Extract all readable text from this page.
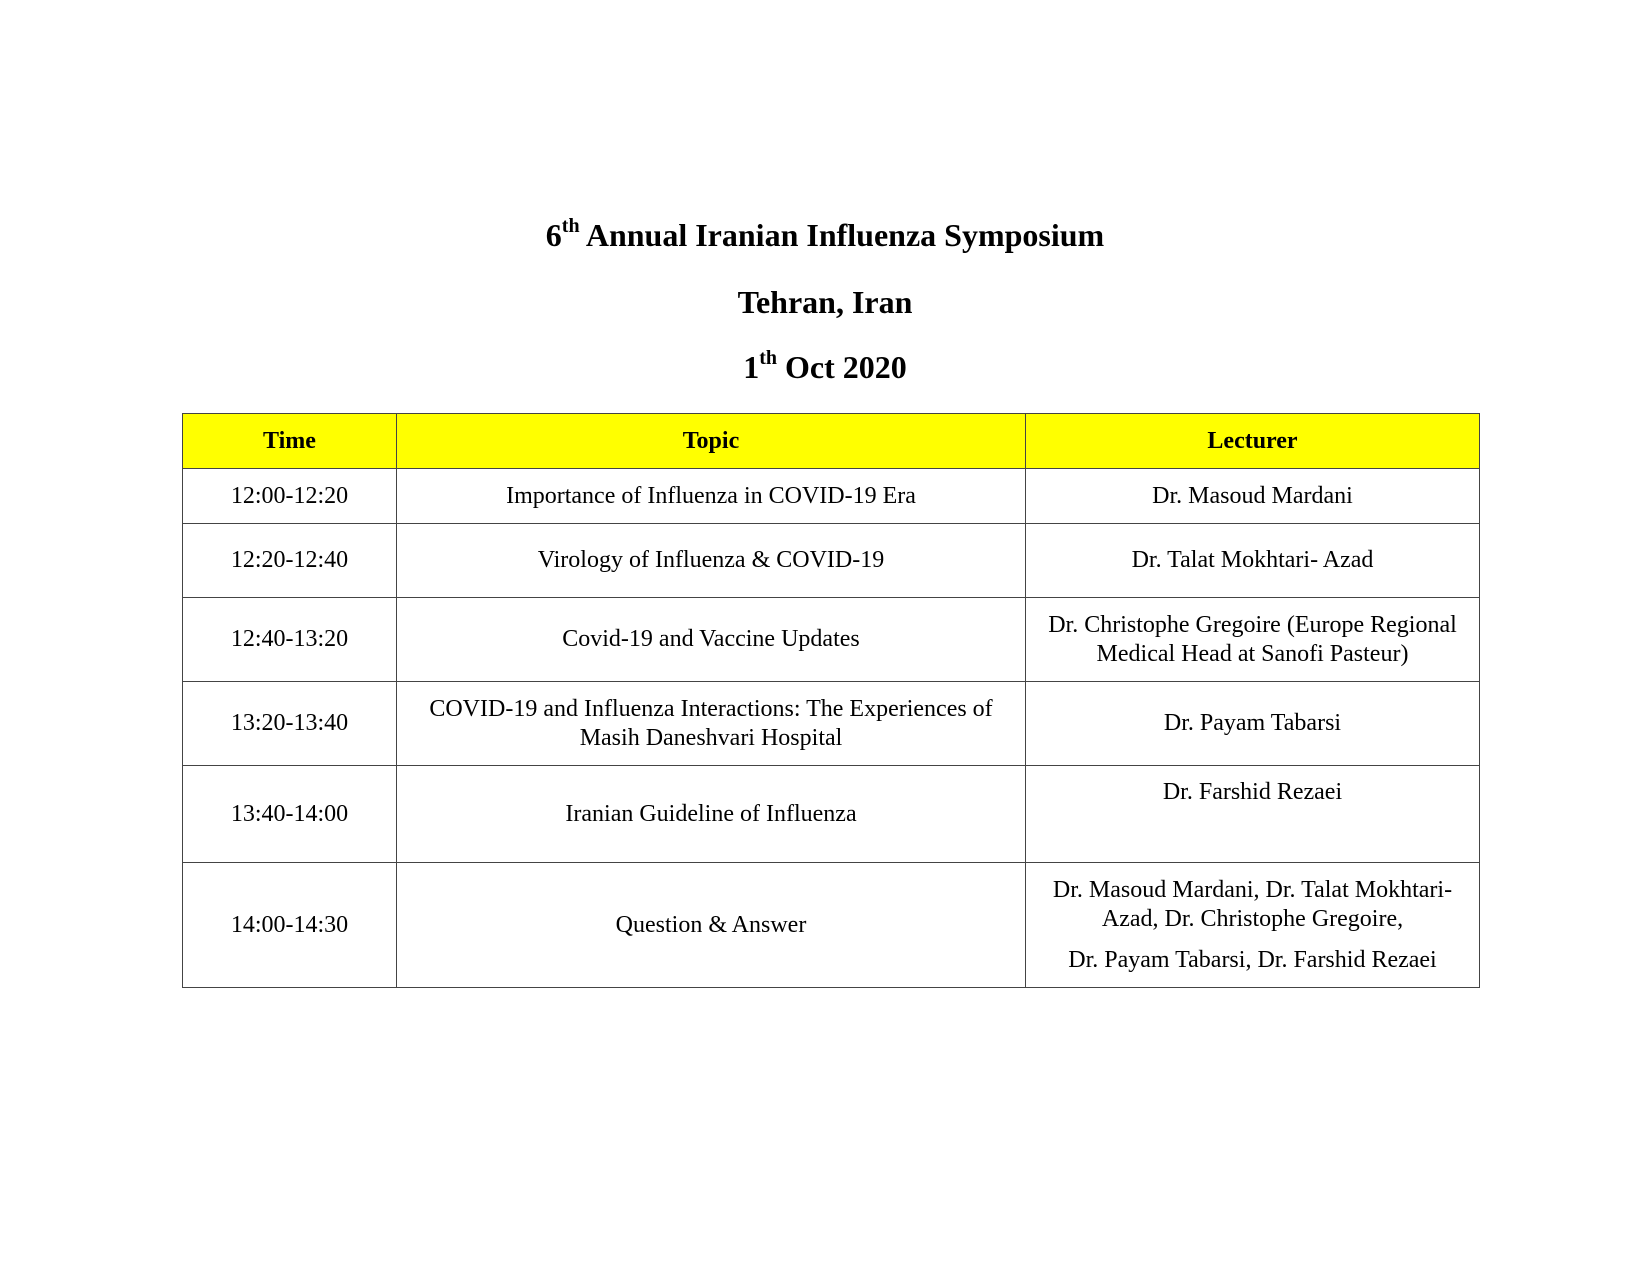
6th Annual Iranian Influenza Symposium
Tehran, Iran
1th Oct 2020
Time	Topic	Lecturer
12:00-12:20	Importance of Influenza in COVID-19 Era	Dr. Masoud Mardani

12:20-12:40	Virology of Influenza & COVID-19	Dr. Talat Mokhtari- Azad

12:40-13:20	Covid-19 and Vaccine Updates	Dr. Christophe Gregoire (Europe Regional
Medical Head at Sanofi Pasteur)

13:20-13:40	COVID-19 and Influenza Interactions: The Experiences of
Masih Daneshvari Hospital	Dr. Payam Tabarsi

13:40-14:00	Iranian Guideline of Influenza	Dr. Farshid Rezaei

14:00-14:30	Question & Answer	Dr. Masoud Mardani, Dr. Talat Mokhtari-
Azad, Dr. Christophe Gregoire,
Dr. Payam Tabarsi, Dr. Farshid Rezaei
